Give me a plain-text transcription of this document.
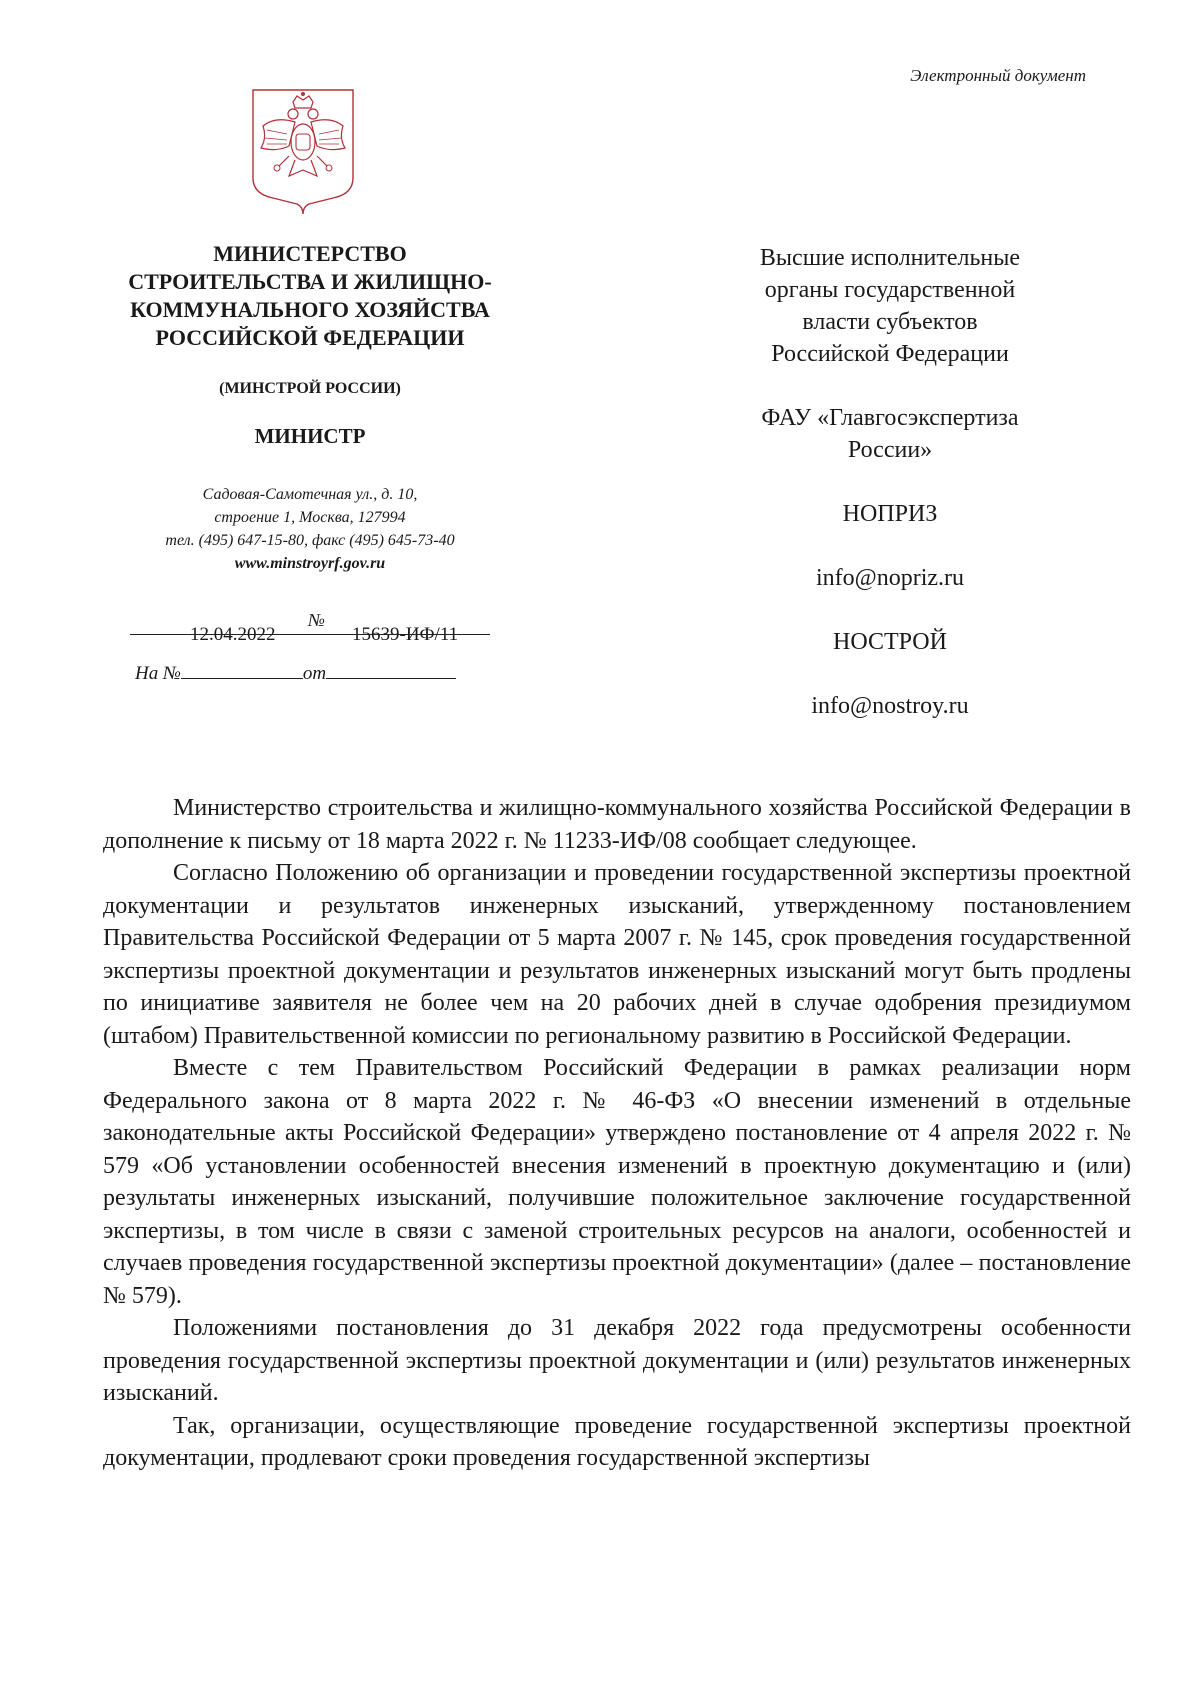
Электронный документ
МИНИСТЕРСТВО
СТРОИТЕЛЬСТВА И ЖИЛИЩНО-
КОММУНАЛЬНОГО ХОЗЯЙСТВА
РОССИЙСКОЙ ФЕДЕРАЦИИ
(МИНСТРОЙ РОССИИ)
МИНИСТР
Садовая-Самотечная ул., д. 10,
строение 1, Москва, 127994
тел. (495) 647-15-80, факс (495) 645-73-40
www.minstroyrf.gov.ru
12.04.2022
№
15639-ИФ/11
На №	от
Высшие исполнительные
органы государственной
власти субъектов
Российской Федерации
ФАУ «Главгосэкспертиза
России»
НОПРИЗ
info@nopriz.ru
НОСТРОЙ
info@nostroy.ru

Министерство строительства и жилищно-коммунального хозяйства Российской Федерации в дополнение к письму от 18 марта 2022 г. № 11233-ИФ/08 сообщает следующее.

Согласно Положению об организации и проведении государственной экспертизы проектной документации и результатов инженерных изысканий, утвержденному постановлением Правительства Российской Федерации от 5 марта 2007 г. № 145, срок проведения государственной экспертизы проектной документации и результатов инженерных изысканий могут быть продлены по инициативе заявителя не более чем на 20 рабочих дней в случае одобрения президиумом (штабом) Правительственной комиссии по региональному развитию в Российской Федерации.

Вместе с тем Правительством Российский Федерации в рамках реализации норм Федерального закона от 8 марта 2022 г. № 46-ФЗ «О внесении изменений в отдельные законодательные акты Российской Федерации» утверждено постановление от 4 апреля 2022 г. № 579 «Об установлении особенностей внесения изменений в проектную документацию и (или) результаты инженерных изысканий, получившие положительное заключение государственной экспертизы, в том числе в связи с заменой строительных ресурсов на аналоги, особенностей и случаев проведения государственной экспертизы проектной документации» (далее – постановление № 579).

Положениями постановления до 31 декабря 2022 года предусмотрены особенности проведения государственной экспертизы проектной документации и (или) результатов инженерных изысканий.

Так, организации, осуществляющие проведение государственной экспертизы проектной документации, продлевают сроки проведения государственной экспертизы
